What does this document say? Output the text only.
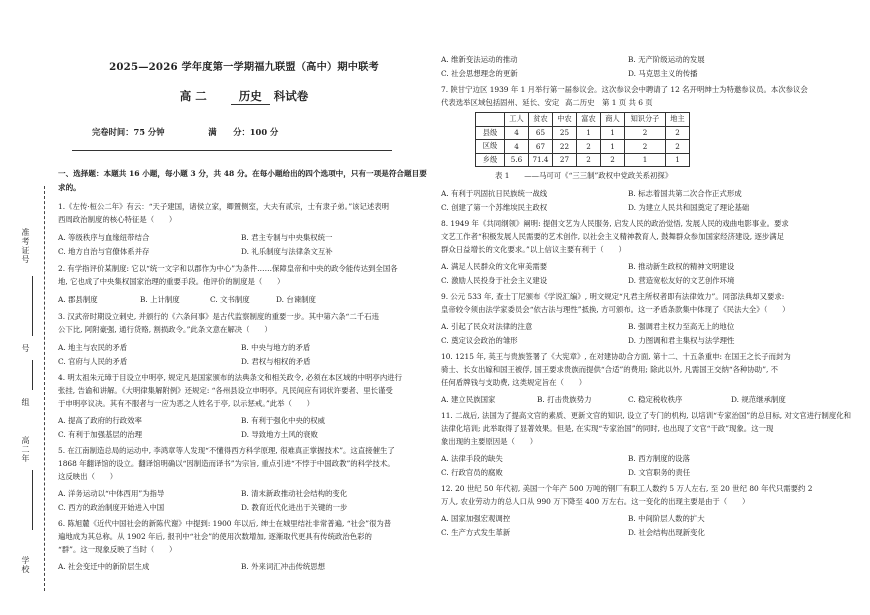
准考证号
号
组
高二年
学校
2025—2026 学年度第一学期福九联盟（高中）期中联考
高 二	历史 科试卷
完卷时间：75 分钟	满　　分：100 分
一、选择题：本题共 16 小题，每小题 3 分，共 48 分。在每小题给出的四个选项中，只有一项是符合题目要
求的。
1.《左传·桓公二年》有云：“天子建国，诸侯立家，卿置侧室，大夫有贰宗，士有隶子弟。”该记述表明
西周政治制度的核心特征是（　　）
A. 等级秩序与血缘纽带结合	B. 君主专制与中央集权统一
C. 地方自治与官僚体系并存	D. 礼乐制度与法律条文互补
2. 有学指评价某制度: 它以“统一文字和以郡作为中心”为条件……保障皇帝和中央的政令能传达到全国各
地, 它也成了中央集权国家治理的重要手段。他评价的制度是（　　）
A. 郡县制度	B. 上计制度	C. 文书制度	D. 台谏制度
3. 汉武帝时期设立刺史, 并颁行的《六条问事》是古代监察制度的重要一步。其中第六条“二千石违
公下比, 阿附豪强, 通行货赂, 割损政令。”此条文意在解决（　　）
A. 地主与农民的矛盾	B. 中央与地方的矛盾
C. 官府与人民的矛盾	D. 君权与相权的矛盾
4. 明太祖朱元璋于目设立中明亭, 规定凡是国家颁布的法典条文和相关政令, 必须在本区域的中明亭内进行
张挂, 告谕和讲解。《大明律集解附例》还规定: “各州县设立申明亭。凡民间应有词状许要者、里长谨受
于申明亭议决。其有不服者与一应为恶之人姓名于亭, 以示惩戒。”此举（　　）
A. 提高了政府的行政效率	B. 有利于强化中央的权威
C. 有利于加强基层的治理	D. 导致地方土风的衰败
5. 在江南制造总局的运动中, 李鸿章等人发现“不懂得西方科学原理, 很难真正掌握技术”。这直接催生了
1868 年翻译馆的设立。翻译馆明确以“因制造而译书”为宗旨, 重点引进“不悖于中国政教”的科学技术。
这反映出（　　）
A. 洋务运动以“中体西用”为指导	B. 清末新政推动社会结构的变化
C. 西方的政治制度开始进入中国	D. 教育近代化进出于关键的一步
6. 陈旭麓《近代中国社会的新陈代谢》中提到: 1900 年以后, 绅士在城里结社非常普遍, “社会”很为普
遍地成为其总称。从 1902 年后, 报刊中“社会”的使用次数增加, 逐渐取代更具有传统政治色彩的
“群”。这一现象反映了当时（　　）
A. 社会变迁中的新阶层生成	B. 外来词汇冲击传统思想
A. 维新变法运动的推动	B. 无产阶级运动的发展
C. 社会思想理念的更新	D. 马克思主义的传播
7. 陕甘宁边区 1939 年 1 月举行第一届参议会。这次参议会中聘请了 12 名开明绅士为特邀参议员。本次参议会
代表选举区域包括固州、延长、安定 高二历史　第 1 页 共 6 页
	工人	贫农	中农	富农	商人	知识分子	地主
县级	4	65	25	1	1	2	2
区级	4	67	22	2	1	2	2
乡级	5.6	71.4	27	2	2	1	1
表 1　　——马可可《“三三制”政权中党政关系初探》
A. 有利于巩固抗日民族统一战线	B. 标志着国共第二次合作正式形成
C. 创建了第一个苏维埃民主政权	D. 为建立人民共和国奠定了理论基础
8. 1949 年《共同纲领》阐明: 提倡文艺为人民服务, 启发人民的政治觉悟, 发展人民的戏曲电影事业。要求
文艺工作者“积极发展人民需要的艺术创作, 以社会主义精神教育人, 鼓舞群众参加国家经济建设, 逐步满足
群众日益增长的文化要求。”以上信议主要有利于（　　）
A. 满足人民群众的文化审美需要	B. 推动新生政权的精神文明建设
C. 激励人民投身于社会主义建设	D. 营造宽松友好的文艺创作环境
9. 公元 533 年, 查士丁尼颁布《学说汇编》, 明文规定“凡君主所权者即有法律效力”。同部法典却又要求:
皇帝较令须由法学家委员会“依古法与理性”抵换, 方可颁布。这一矛盾条款集中体现了《民法大全》（　　）
A. 引起了民众对法律的注意	B. 强调君主权力至高无上的地位
C. 奠定议会政治的雏形	D. 力图调和君主集权与法学理性
10. 1215 年, 英王与贵族签署了《大宪章》, 在对建协助合方面, 第十二、十五条重申: 在国王之长子而封为
骑士、长女出嫁和国王被俘, 国王要求贵族而提供“合适”的费用; 除此以外, 凡需国王交纳“各种协助”, 不
任何盾牌钱与支助费, 这类规定旨在（　　）
A. 建立民族国家	B. 打击贵族势力	C. 稳定税收秩序	D. 规范继承制度
11. 二战后, 法国为了提高文官的素质、更新文官的知识, 设立了专门的机构, 以培训“专家治国”的总目标, 对文官进行制度化和
法律化培训; 此举取得了显著效果。但是, 在实现“专家治国”的同时, 也出现了文官“干政”现象。这一现
象出现的主要原因是（　　）
A. 法律手段的缺失	B. 西方制度的设落
C. 行政官员的腐败	D. 文官职务的责任
12. 20 世纪 50 年代初, 美国一个年产 500 万吨的钢厂有职工人数约 5 万人左右, 至 20 世纪 80 年代只需要约 2
万人, 农业劳动力的总人口从 990 万下降至 400 万左右。这一变化的出现主要是由于（　　）
A. 国家加强宏观调控	B. 中间阶层人数的扩大
C. 生产方式发生革新	D. 社会结构出现新变化
